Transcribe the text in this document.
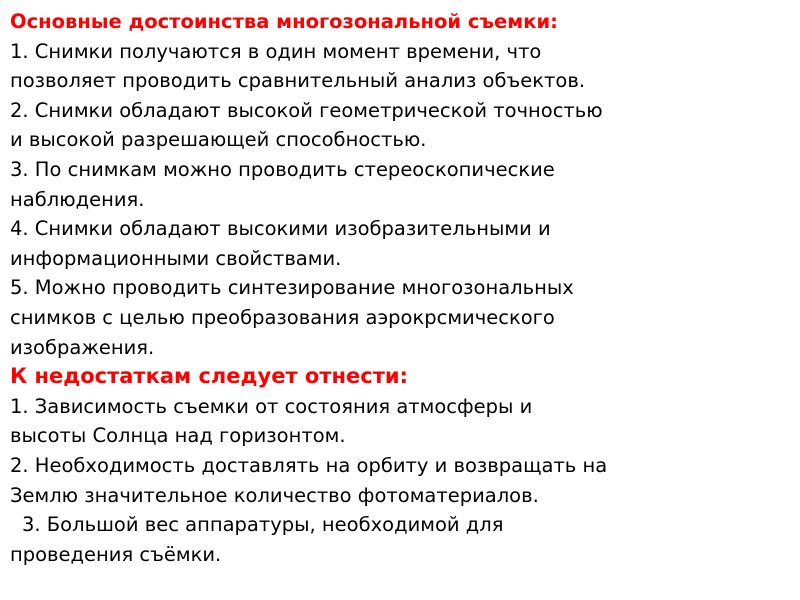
Основные достоинства многозональной съемки:

1. Снимки получаются в один момент времени, что

позволяет проводить сравнительный анализ объектов.

2. Снимки обладают высокой геометрической точностью

и высокой разрешающей способностью.

3. По снимкам можно проводить стереоскопические

наблюдения.

4. Снимки обладают высокими изобразительными и

информационными свойствами.

5. Можно проводить синтезирование многозональных

снимков с целью преобразования аэрокрсмического

изображения.

К недостаткам следует отнести:

1. Зависимость съемки от состояния атмосферы и

высоты Солнца над горизонтом.

2. Необходимость доставлять на орбиту и возвращать на

Землю значительное количество фотоматериалов.

3. Большой вес аппаратуры, необходимой для

проведения съёмки.
